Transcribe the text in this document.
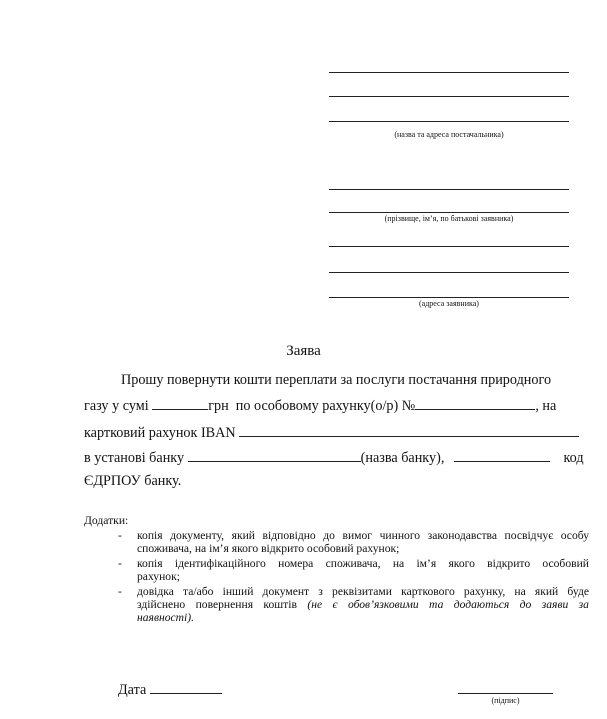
(назва та адреса постачальника)
(прізвище, ім’я, по батькові заявника)
(адреса заявника)
Заява
Прошу повернути кошти переплати за послуги постачання природного
газу у сумі	грн по особовому рахунку(о/р) №	, на
картковий рахунок IBAN
в установі банку	(назва банку),	код
ЄДРПОУ банку.
Додатки:
- копія документу, який відповідно до вимог чинного законодавства посвідчує особу
споживача, на ім’я якого відкрито особовий рахунок;
- копія ідентифікаційного номера споживача, на ім’я якого відкрито особовий
рахунок;
- довідка та/або інший документ з реквізитами карткового рахунку, на який буде
здійснено повернення коштів (не є обов’язковими та додаються до заяви за
наявності).
Дата
(підпис)
